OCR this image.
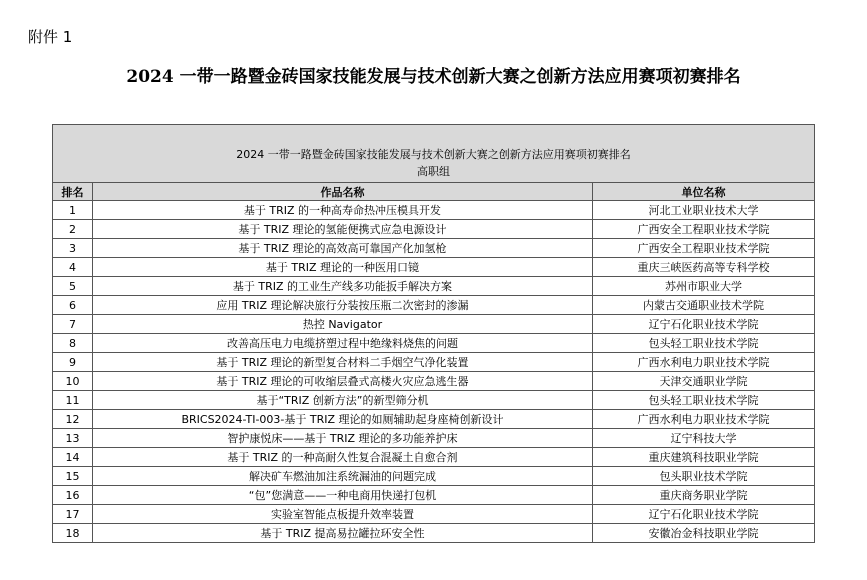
附件 1
2024 一带一路暨金砖国家技能发展与技术创新大赛之创新方法应用赛项初赛排名
2024 一带一路暨金砖国家技能发展与技术创新大赛之创新方法应用赛项初赛排名
高职组		

排名	作品名称	单位名称
1	基于 TRIZ 的一种高寿命热冲压模具开发	河北工业职业技术大学
2	基于 TRIZ 理论的氢能便携式应急电源设计	广西安全工程职业技术学院
3	基于 TRIZ 理论的高效高可靠国产化加氢枪	广西安全工程职业技术学院
4	基于 TRIZ 理论的一种医用口镜	重庆三峡医药高等专科学校
5	基于 TRIZ 的工业生产线多功能扳手解决方案	苏州市职业大学
6	应用 TRIZ 理论解决旅行分装按压瓶二次密封的渗漏	内蒙古交通职业技术学院
7	热控 Navigator	辽宁石化职业技术学院
8	改善高压电力电缆挤塑过程中绝缘料烧焦的问题	包头轻工职业技术学院
9	基于 TRIZ 理论的新型复合材料二手烟空气净化装置	广西水利电力职业技术学院
10	基于 TRIZ 理论的可收缩层叠式高楼火灾应急逃生器	天津交通职业学院
11	基于“TRIZ 创新方法”的新型筛分机	包头轻工职业技术学院
12	BRICS2024-TI-003-基于 TRIZ 理论的如厕辅助起身座椅创新设计	广西水利电力职业技术学院
13	智护康悦床——基于 TRIZ 理论的多功能养护床	辽宁科技大学
14	基于 TRIZ 的一种高耐久性复合混凝土自愈合剂	重庆建筑科技职业学院
15	解决矿车燃油加注系统漏油的问题完成	包头职业技术学院
16	“包”您满意——一种电商用快递打包机	重庆商务职业学院
17	实验室智能点板提升效率装置	辽宁石化职业技术学院
18	基于 TRIZ 提高易拉罐拉环安全性	安徽冶金科技职业学院
